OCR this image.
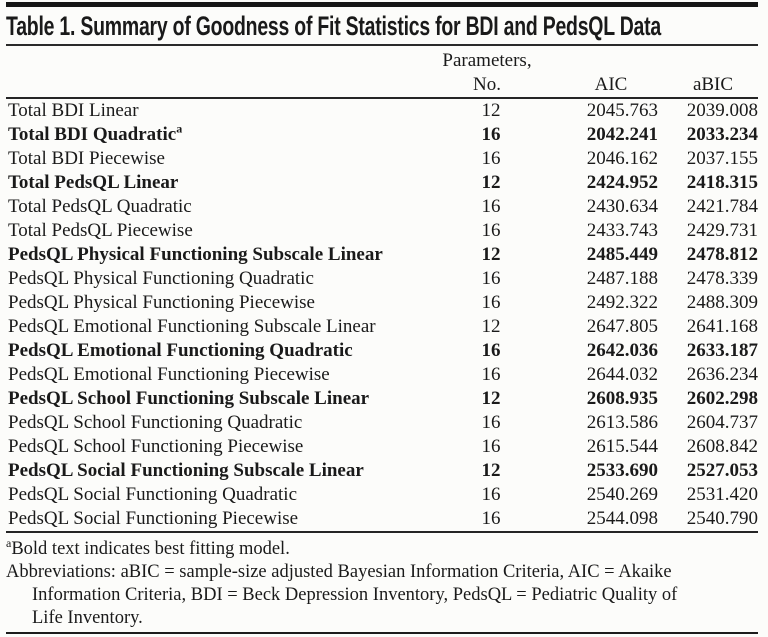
Table 1. Summary of Goodness of Fit Statistics for BDI and PedsQL Data
	Parameters,		
	No.	AIC	aBIC
Total BDI Linear	12	2045.763	2039.008
Total BDI Quadratic$^a$	16	2042.241	2033.234
Total BDI Piecewise	16	2046.162	2037.155
Total PedsQL Linear	12	2424.952	2418.315
Total PedsQL Quadratic	16	2430.634	2421.784
Total PedsQL Piecewise	16	2433.743	2429.731
PedsQL Physical Functioning Subscale Linear	12	2485.449	2478.812
PedsQL Physical Functioning Quadratic	16	2487.188	2478.339
PedsQL Physical Functioning Piecewise	16	2492.322	2488.309
PedsQL Emotional Functioning Subscale Linear	12	2647.805	2641.168
PedsQL Emotional Functioning Quadratic	16	2642.036	2633.187
PedsQL Emotional Functioning Piecewise	16	2644.032	2636.234
PedsQL School Functioning Subscale Linear	12	2608.935	2602.298
PedsQL School Functioning Quadratic	16	2613.586	2604.737
PedsQL School Functioning Piecewise	16	2615.544	2608.842
PedsQL Social Functioning Subscale Linear	12	2533.690	2527.053
PedsQL Social Functioning Quadratic	16	2540.269	2531.420
PedsQL Social Functioning Piecewise	16	2544.098	2540.790
$^a$Bold text indicates best fitting model.
Abbreviations: aBIC = sample-size adjusted Bayesian Information Criteria, AIC = Akaike
Information Criteria, BDI = Beck Depression Inventory, PedsQL = Pediatric Quality of
Life Inventory.
